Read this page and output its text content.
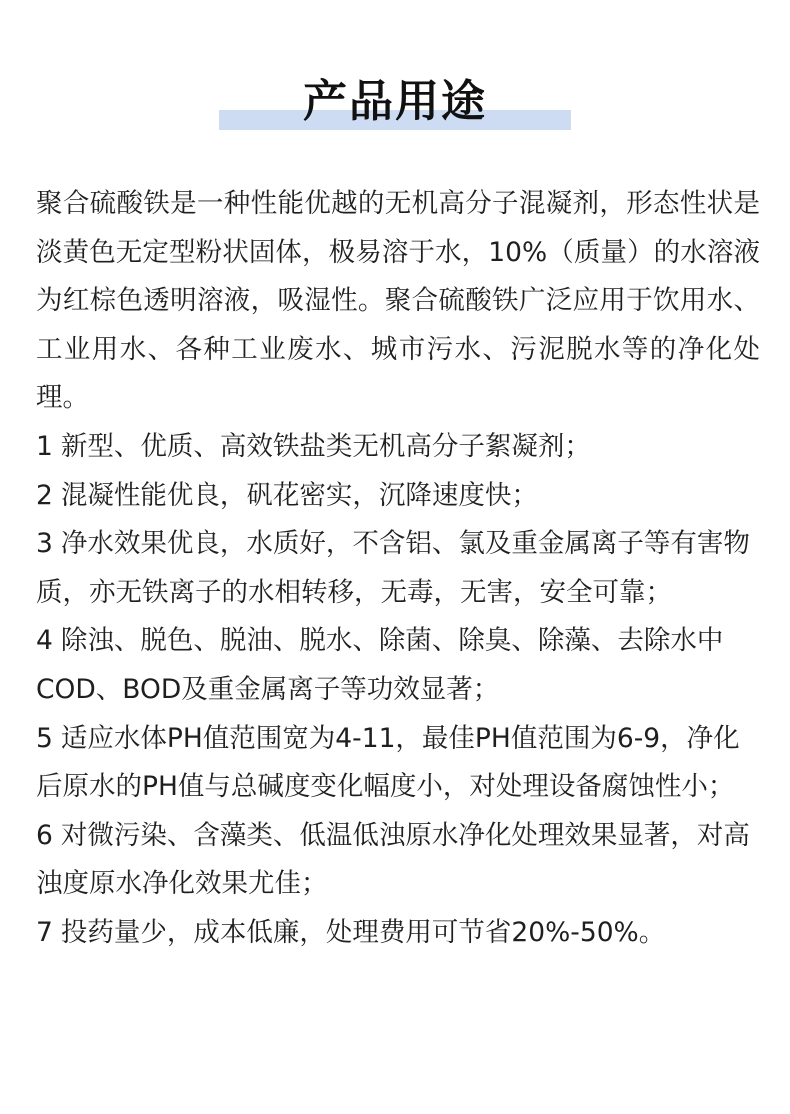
产品用途

聚合硫酸铁是一种性能优越的无机高分子混凝剂，形态性状是淡黄色无定型粉状固体，极易溶于水，10%（质量）的水溶液为红棕色透明溶液，吸湿性。聚合硫酸铁广泛应用于饮用水、工业用水、各种工业废水、城市污水、污泥脱水等的净化处理。

1 新型、优质、高效铁盐类无机高分子絮凝剂；

2 混凝性能优良，矾花密实，沉降速度快；

3 净水效果优良，水质好，不含铝、氯及重金属离子等有害物质，亦无铁离子的水相转移，无毒，无害，安全可靠；

4 除浊、脱色、脱油、脱水、除菌、除臭、除藻、去除水中COD、BOD及重金属离子等功效显著；

5 适应水体PH值范围宽为4-11，最佳PH值范围为6-9，净化后原水的PH值与总碱度变化幅度小，对处理设备腐蚀性小；

6 对微污染、含藻类、低温低浊原水净化处理效果显著，对高浊度原水净化效果尤佳；

7 投药量少，成本低廉，处理费用可节省20%-50%。
